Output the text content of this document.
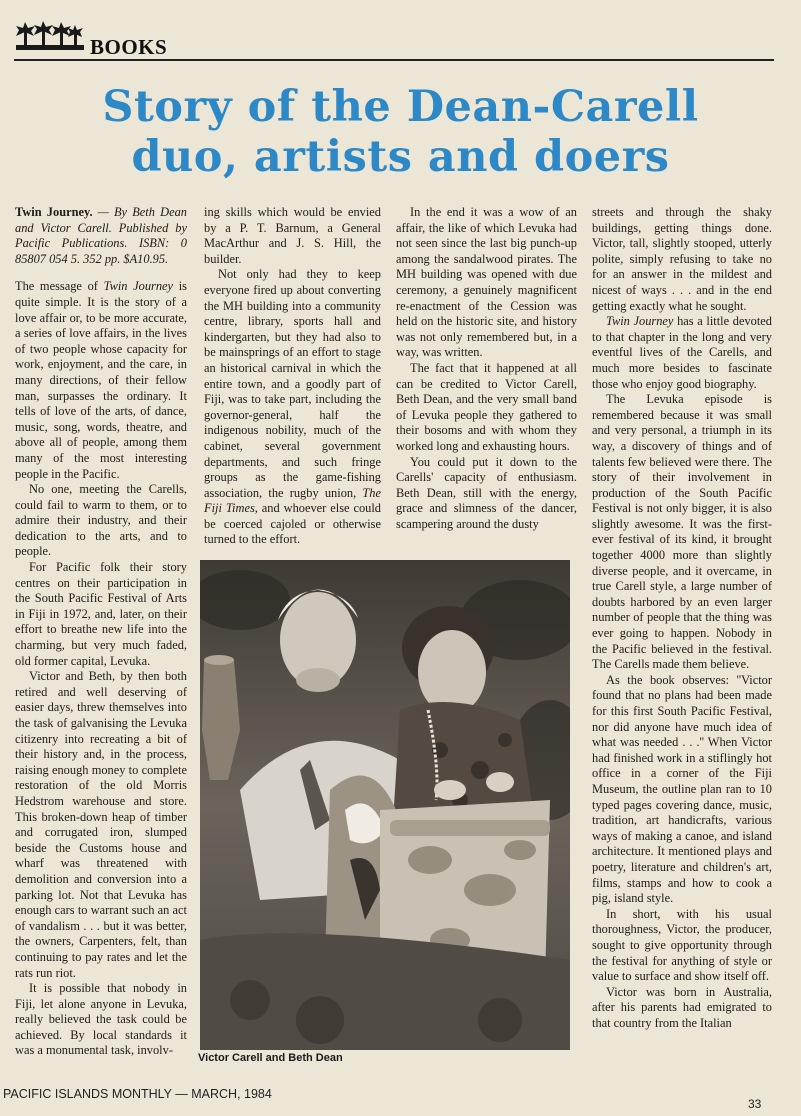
BOOKS
Story of the Dean-Carell
duo, artists and doers

Twin Journey. — By Beth Dean and Victor Carell. Published by Pacific Publications. ISBN: 0 85807 054 5. 352 pp. $A10.95.

The message of Twin Journey is quite simple. It is the story of a love affair or, to be more accurate, a series of love affairs, in the lives of two people whose capacity for work, enjoyment, and the care, in many directions, of their fellow man, surpasses the ordinary. It tells of love of the arts, of dance, music, song, words, theatre, and above all of people, among them many of the most interesting people in the Pacific.

No one, meeting the Carells, could fail to warm to them, or to admire their industry, and their dedication to the arts, and to people.

For Pacific folk their story centres on their participation in the South Pacific Festival of Arts in Fiji in 1972, and, later, on their effort to breathe new life into the charming, but very much faded, old former capital, Levuka.

Victor and Beth, by then both retired and well deserving of easier days, threw themselves into the task of galvanising the Levuka citizenry into recreating a bit of their history and, in the process, raising enough money to complete restoration of the old Morris Hedstrom warehouse and store. This broken-down heap of timber and corrugated iron, slumped beside the Customs house and wharf was threatened with demolition and conversion into a parking lot. Not that Levuka has enough cars to warrant such an act of vandalism . . . but it was better, the owners, Carpenters, felt, than continuing to pay rates and let the rats run riot.

It is possible that nobody in Fiji, let alone anyone in Levuka, really believed the task could be achieved. By local standards it was a monumental task, involv-

ing skills which would be envied by a P. T. Barnum, a General MacArthur and J. S. Hill, the builder.

Not only had they to keep everyone fired up about converting the MH building into a community centre, library, sports hall and kindergarten, but they had also to be mainsprings of an effort to stage an historical carnival in which the entire town, and a goodly part of Fiji, was to take part, including the governor-general, half the indigenous nobility, much of the cabinet, several government departments, and such fringe groups as the game-fishing association, the rugby union, The Fiji Times, and whoever else could be coerced cajoled or otherwise turned to the effort.

In the end it was a wow of an affair, the like of which Levuka had not seen since the last big punch-up among the sandalwood pirates. The MH building was opened with due ceremony, a genuinely magnificent re-enactment of the Cession was held on the historic site, and history was not only remembered but, in a way, was written.

The fact that it happened at all can be credited to Victor Carell, Beth Dean, and the very small band of Levuka people they gathered to their bosoms and with whom they worked long and exhausting hours.

You could put it down to the Carells' capacity of enthusiasm. Beth Dean, still with the energy, grace and slimness of the dancer, scampering around the dusty

streets and through the shaky buildings, getting things done. Victor, tall, slightly stooped, utterly polite, simply refusing to take no for an answer in the mildest and nicest of ways . . . and in the end getting exactly what he sought.

Twin Journey has a little devoted to that chapter in the long and very eventful lives of the Carells, and much more besides to fascinate those who enjoy good biography.

The Levuka episode is remembered because it was small and very personal, a triumph in its way, a discovery of things and of talents few believed were there. The story of their involvement in production of the South Pacific Festival is not only bigger, it is also slightly awesome. It was the first-ever festival of its kind, it brought together 4000 more than slightly diverse people, and it overcame, in true Carell style, a large number of doubts harbored by an even larger number of people that the thing was ever going to happen. Nobody in the Pacific believed in the festival. The Carells made them believe.

As the book observes: ''Victor found that no plans had been made for this first South Pacific Festival, nor did anyone have much idea of what was needed . . .'' When Victor had finished work in a stiflingly hot office in a corner of the Fiji Museum, the outline plan ran to 10 typed pages covering dance, music, tradition, art handicrafts, various ways of making a canoe, and island architecture. It mentioned plays and poetry, literature and children's art, films, stamps and how to cook a pig, island style.

In short, with his usual thoroughness, Victor, the producer, sought to give opportunity through the festival for anything of style or value to surface and show itself off.

Victor was born in Australia, after his parents had emigrated to that country from the Italian

Victor Carell and Beth Dean
PACIFIC ISLANDS MONTHLY — MARCH, 1984
33
